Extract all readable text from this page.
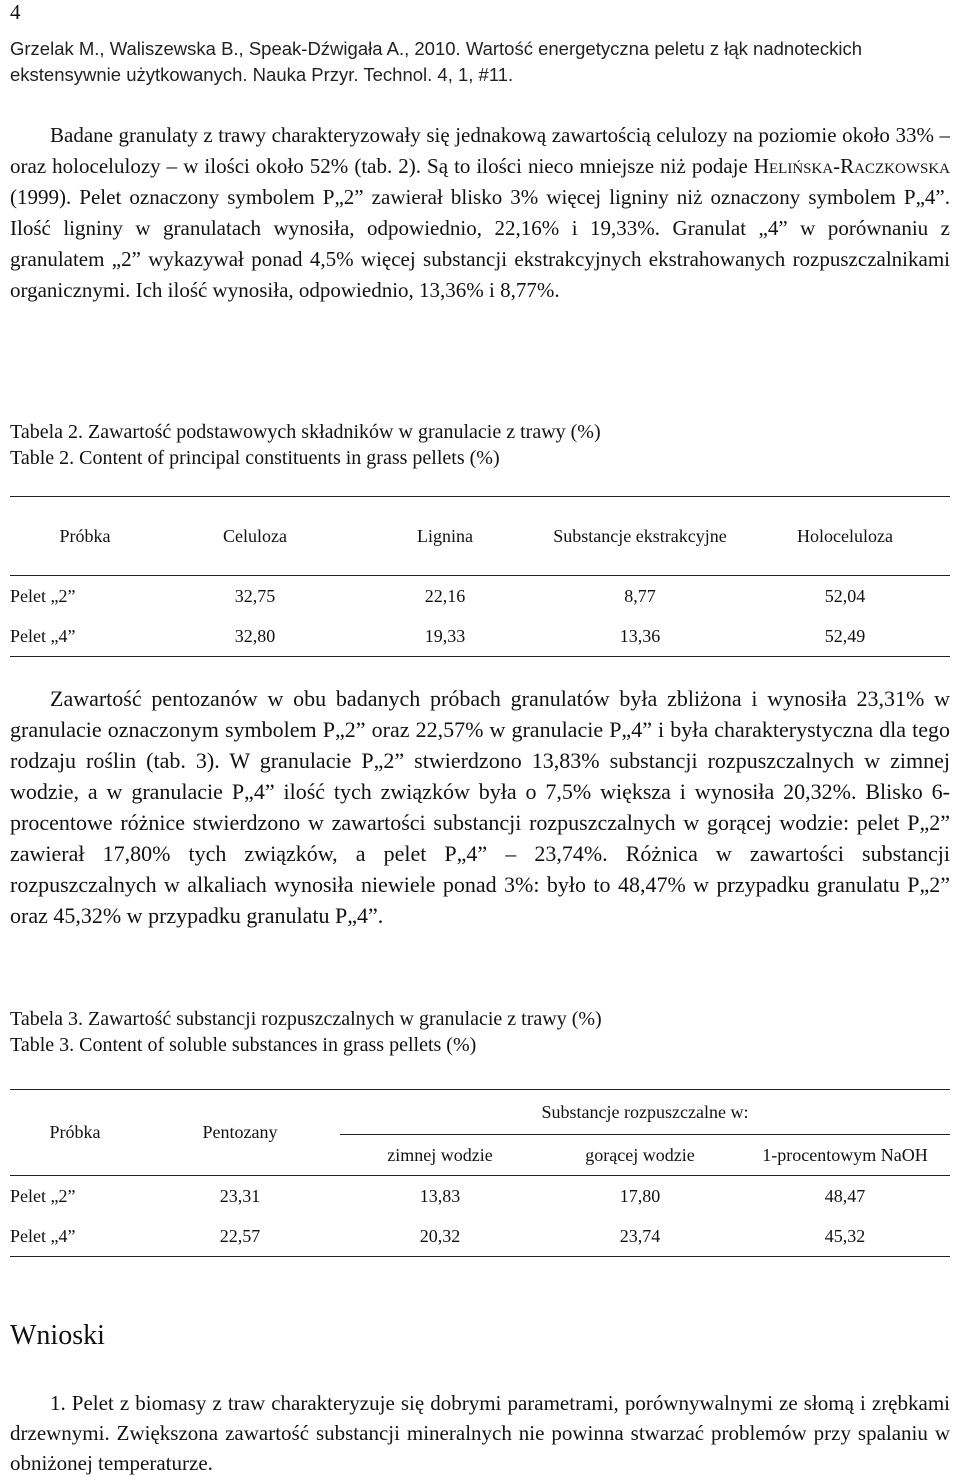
4
Grzelak M., Waliszewska B., Speak-Dźwigała A., 2010. Wartość energetyczna peletu z łąk nadnoteckich ekstensywnie użytkowanych. Nauka Przyr. Technol. 4, 1, #11.
Badane granulaty z trawy charakteryzowały się jednakową zawartością celulozy na poziomie około 33% – oraz holocelulozy – w ilości około 52% (tab. 2). Są to ilości nieco mniejsze niż podaje Helińska-Raczkowska (1999). Pelet oznaczony symbolem P„2” zawierał blisko 3% więcej ligniny niż oznaczony symbolem P„4”. Ilość ligniny w granulatach wynosiła, odpowiednio, 22,16% i 19,33%. Granulat „4” w porównaniu z granulatem „2” wykazywał ponad 4,5% więcej substancji ekstrakcyjnych ekstrahowanych rozpuszczalnikami organicznymi. Ich ilość wynosiła, odpowiednio, 13,36% i 8,77%.
Tabela 2. Zawartość podstawowych składników w granulacie z trawy (%)
Table 2. Content of principal constituents in grass pellets (%)
Próbka	Celuloza	Lignina	Substancje ekstrakcyjne	Holoceluloza
Pelet „2”	32,75	22,16	8,77	52,04
Pelet „4”	32,80	19,33	13,36	52,49
Zawartość pentozanów w obu badanych próbach granulatów była zbliżona i wynosiła 23,31% w granulacie oznaczonym symbolem P„2” oraz 22,57% w granulacie P„4” i była charakterystyczna dla tego rodzaju roślin (tab. 3). W granulacie P„2” stwierdzono 13,83% substancji rozpuszczalnych w zimnej wodzie, a w granulacie P„4” ilość tych związków była o 7,5% większa i wynosiła 20,32%. Blisko 6-procentowe różnice stwierdzono w zawartości substancji rozpuszczalnych w gorącej wodzie: pelet P„2” zawierał 17,80% tych związków, a pelet P„4” – 23,74%. Różnica w zawartości substancji rozpuszczalnych w alkaliach wynosiła niewiele ponad 3%: było to 48,47% w przypadku granulatu P„2” oraz 45,32% w przypadku granulatu P„4”.
Tabela 3. Zawartość substancji rozpuszczalnych w granulacie z trawy (%)
Table 3. Content of soluble substances in grass pellets (%)
Próbka	Pentozany	Substancje rozpuszczalne w:		
		zimnej wodzie	gorącej wodzie	1-procentowym NaOH
Pelet „2”	23,31	13,83	17,80	48,47
Pelet „4”	22,57	20,32	23,74	45,32
Wnioski
1. Pelet z biomasy z traw charakteryzuje się dobrymi parametrami, porównywalnymi ze słomą i zrębkami drzewnymi. Zwiększona zawartość substancji mineralnych nie powinna stwarzać problemów przy spalaniu w obniżonej temperaturze.
